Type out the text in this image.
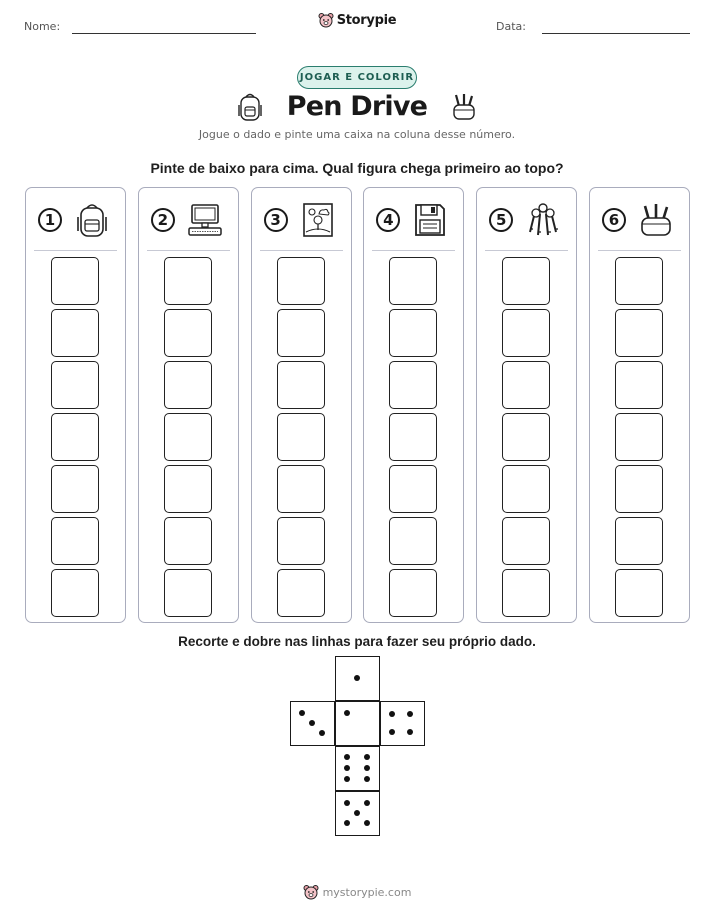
Nome:	Data:
Storypie
JOGAR E COLORIR
Pen Drive
Jogue o dado e pinte uma caixa na coluna desse número.
Pinte de baixo para cima. Qual figura chega primeiro ao topo?
1	2	3	4	5	6
Recorte e dobre nas linhas para fazer seu próprio dado.
mystorypie.com
